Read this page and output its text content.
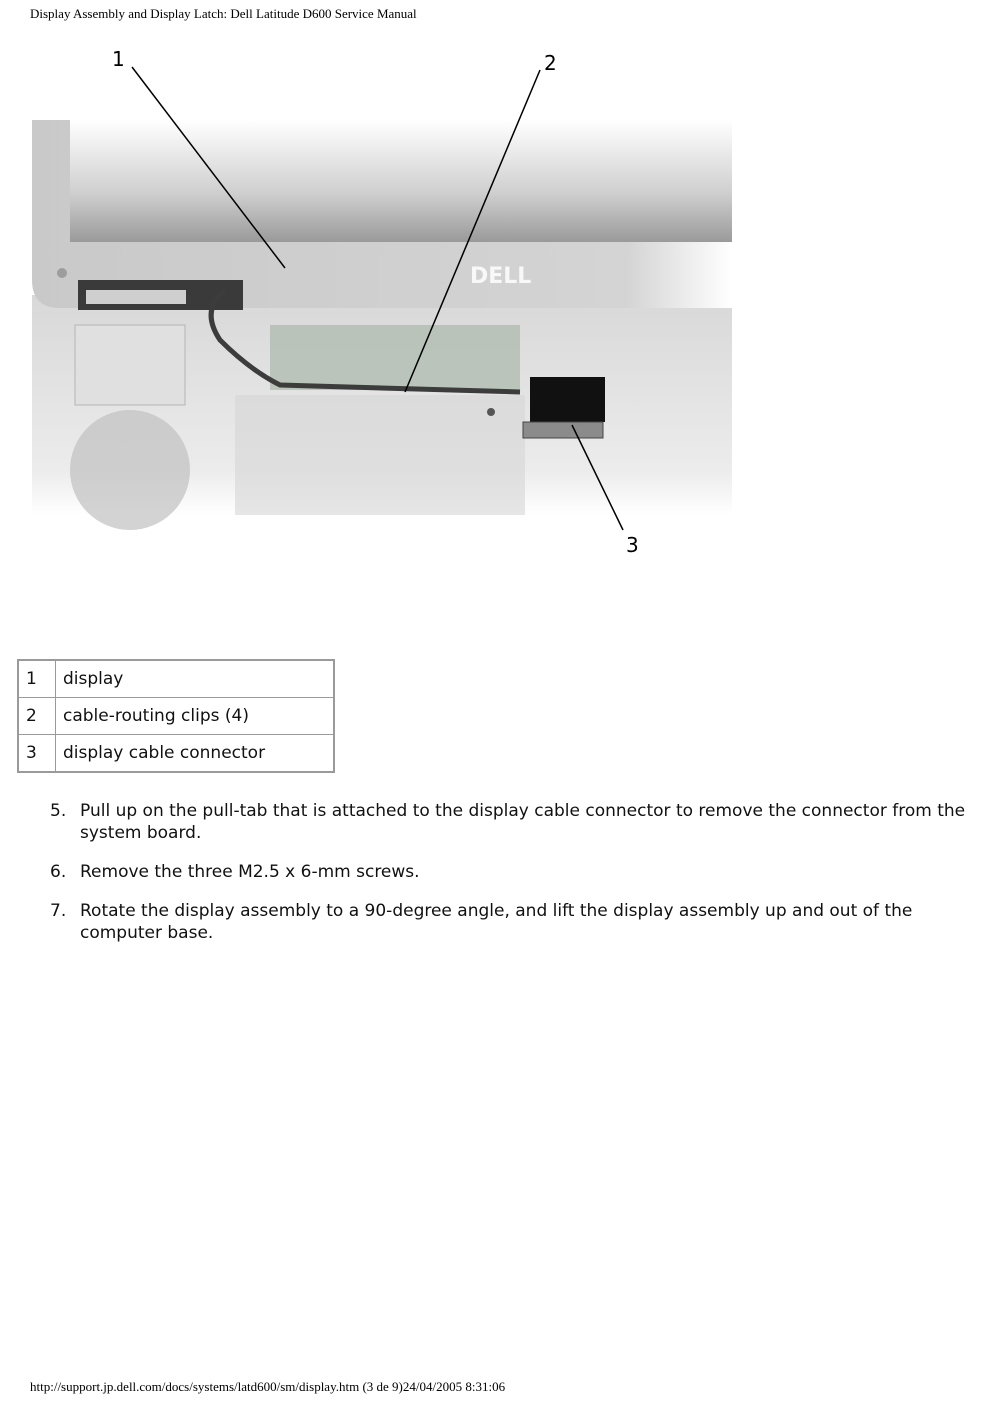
Display Assembly and Display Latch: Dell Latitude D600 Service Manual
DELL
1	2
3
1	display
2	cable-routing clips (4)
3	display cable connector
5. Pull up on the pull-tab that is attached to the display cable connector to remove the connector from the system board.
6. Remove the three M2.5 x 6-mm screws.
7. Rotate the display assembly to a 90-degree angle, and lift the display assembly up and out of the computer base.
http://support.jp.dell.com/docs/systems/latd600/sm/display.htm (3 de 9)24/04/2005 8:31:06
